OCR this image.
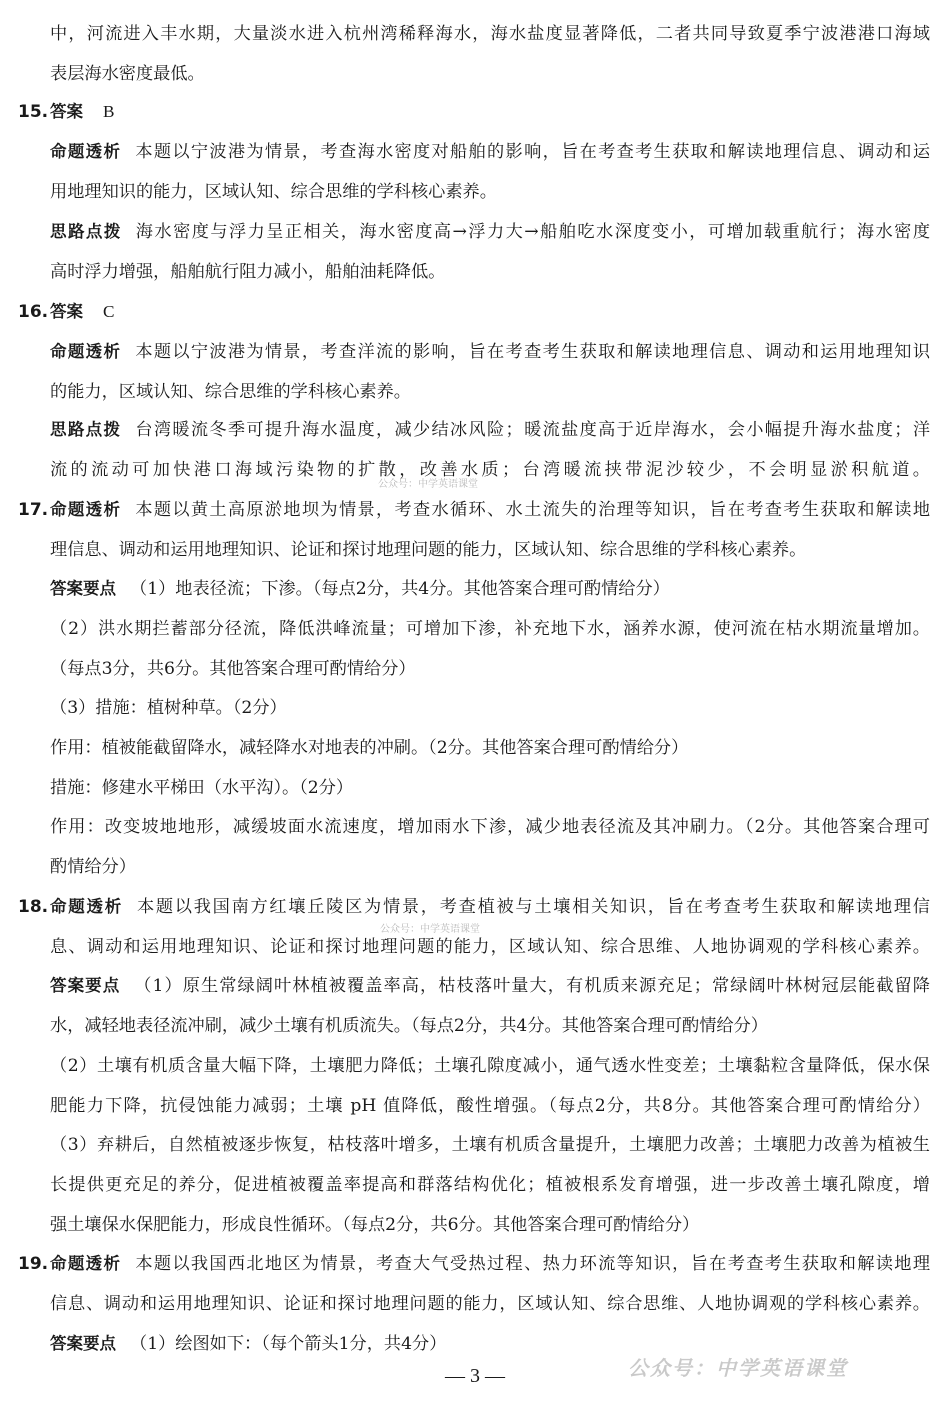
中，河流进入丰水期，大量淡水进入杭州湾稀释海水，海水盐度显著降低，二者共同导致夏季宁波港港口海域
表层海水密度最低。
15. 答案 B
命题透析 本题以宁波港为情景，考查海水密度对船舶的影响，旨在考查考生获取和解读地理信息、调动和运
用地理知识的能力，区域认知、综合思维的学科核心素养。
思路点拨 海水密度与浮力呈正相关，海水密度高→浮力大→船舶吃水深度变小，可增加载重航行；海水密度
高时浮力增强，船舶航行阻力减小，船舶油耗降低。
16. 答案 C
命题透析 本题以宁波港为情景，考查洋流的影响，旨在考查考生获取和解读地理信息、调动和运用地理知识
的能力，区域认知、综合思维的学科核心素养。
思路点拨 台湾暖流冬季可提升海水温度，减少结冰风险；暖流盐度高于近岸海水，会小幅提升海水盐度；洋
流的流动可加快港口海域污染物的扩散，改善水质；台湾暖流挟带泥沙较少，不会明显淤积航道。
公众号：中学英语课堂
17. 命题透析 本题以黄土高原淤地坝为情景，考查水循环、水土流失的治理等知识，旨在考查考生获取和解读地
理信息、调动和运用地理知识、论证和探讨地理问题的能力，区域认知、综合思维的学科核心素养。
答案要点 （1）地表径流；下渗。（每点2分，共4分。其他答案合理可酌情给分）
（2）洪水期拦蓄部分径流，降低洪峰流量；可增加下渗，补充地下水，涵养水源，使河流在枯水期流量增加。
（每点3分，共6分。其他答案合理可酌情给分）
（3）措施：植树种草。（2分）
作用：植被能截留降水，减轻降水对地表的冲刷。（2分。其他答案合理可酌情给分）
措施：修建水平梯田（水平沟）。（2分）
作用：改变坡地地形，减缓坡面水流速度，增加雨水下渗，减少地表径流及其冲刷力。（2分。其他答案合理可
酌情给分）
18. 命题透析 本题以我国南方红壤丘陵区为情景，考查植被与土壤相关知识，旨在考查考生获取和解读地理信
公众号：中学英语课堂
息、调动和运用地理知识、论证和探讨地理问题的能力，区域认知、综合思维、人地协调观的学科核心素养。
答案要点 （1）原生常绿阔叶林植被覆盖率高，枯枝落叶量大，有机质来源充足；常绿阔叶林树冠层能截留降
水，减轻地表径流冲刷，减少土壤有机质流失。（每点2分，共4分。其他答案合理可酌情给分）
（2）土壤有机质含量大幅下降，土壤肥力降低；土壤孔隙度减小，通气透水性变差；土壤黏粒含量降低，保水保
肥能力下降，抗侵蚀能力减弱；土壤 pH 值降低，酸性增强。（每点2分，共8分。其他答案合理可酌情给分）
（3）弃耕后，自然植被逐步恢复，枯枝落叶增多，土壤有机质含量提升，土壤肥力改善；土壤肥力改善为植被生
长提供更充足的养分，促进植被覆盖率提高和群落结构优化；植被根系发育增强，进一步改善土壤孔隙度，增
强土壤保水保肥能力，形成良性循环。（每点2分，共6分。其他答案合理可酌情给分）
19. 命题透析 本题以我国西北地区为情景，考查大气受热过程、热力环流等知识，旨在考查考生获取和解读地理
信息、调动和运用地理知识、论证和探讨地理问题的能力，区域认知、综合思维、人地协调观的学科核心素养。
答案要点 （1）绘图如下：（每个箭头1分，共4分）
— 3 —	公众号：中学英语课堂
